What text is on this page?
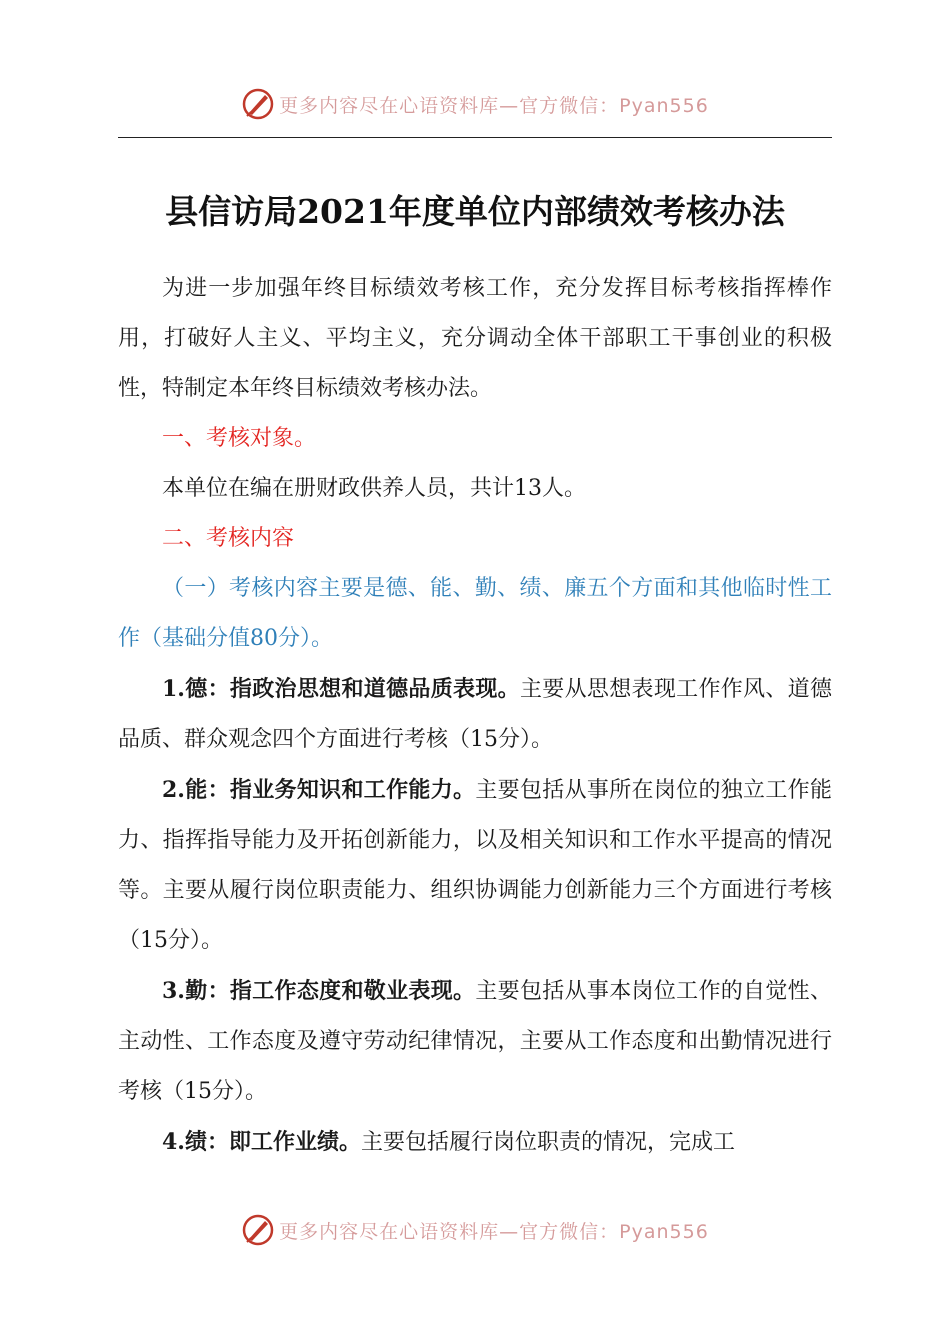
更多内容尽在心语资料库—官方微信：Pyan556
县信访局2021年度单位内部绩效考核办法

为进一步加强年终目标绩效考核工作，充分发挥目标考核指挥棒作用，打破好人主义、平均主义，充分调动全体干部职工干事创业的积极性，特制定本年终目标绩效考核办法。

一、考核对象。

本单位在编在册财政供养人员，共计13人。

二、考核内容

（一）考核内容主要是德、能、勤、绩、廉五个方面和其他临时性工作（基础分值80分）。

1.德：指政治思想和道德品质表现。主要从思想表现工作作风、道德品质、群众观念四个方面进行考核（15分）。

2.能：指业务知识和工作能力。主要包括从事所在岗位的独立工作能力、指挥指导能力及开拓创新能力，以及相关知识和工作水平提高的情况等。主要从履行岗位职责能力、组织协调能力创新能力三个方面进行考核（15分）。

3.勤：指工作态度和敬业表现。主要包括从事本岗位工作的自觉性、主动性、工作态度及遵守劳动纪律情况，主要从工作态度和出勤情况进行考核（15分）。

4.绩：即工作业绩。主要包括履行岗位职责的情况，完成工

更多内容尽在心语资料库—官方微信：Pyan556
